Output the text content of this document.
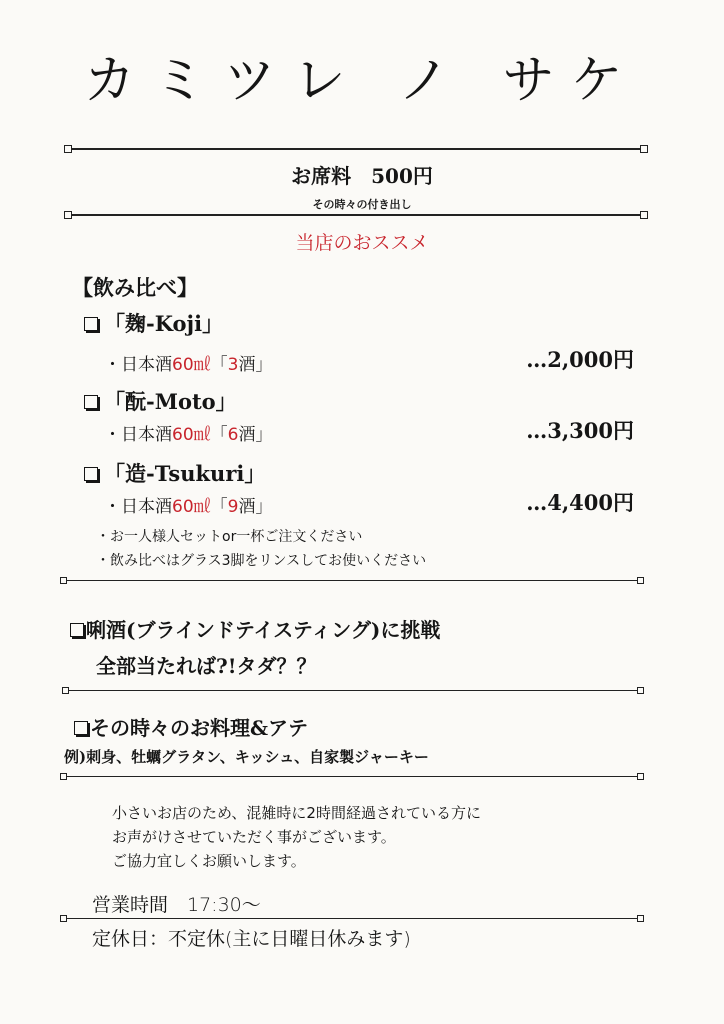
カミツレ ノ サケ
お席料　500円
その時々の付き出し
当店のおススメ
【飲み比べ】
「麹-Koji」
・日本酒60㎖「3酒」	…2,000円
「酛-Moto」
・日本酒60㎖「6酒」	…3,300円
「造-Tsukuri」
・日本酒60㎖「9酒」	…4,400円
・お一人様人セットor一杯ご注文ください
・飲み比べはグラス3脚をリンスしてお使いください
唎酒(ブラインドテイスティング)に挑戦
全部当たれば?!タダ？？
その時々のお料理&アテ
例)刺身、牡蠣グラタン、キッシュ、自家製ジャーキー
小さいお店のため、混雑時に2時間経過されている方に
お声がけさせていただく事がございます。
ご協力宜しくお願いします。
営業時間　17:30〜
定休日：不定休(主に日曜日休みます)
